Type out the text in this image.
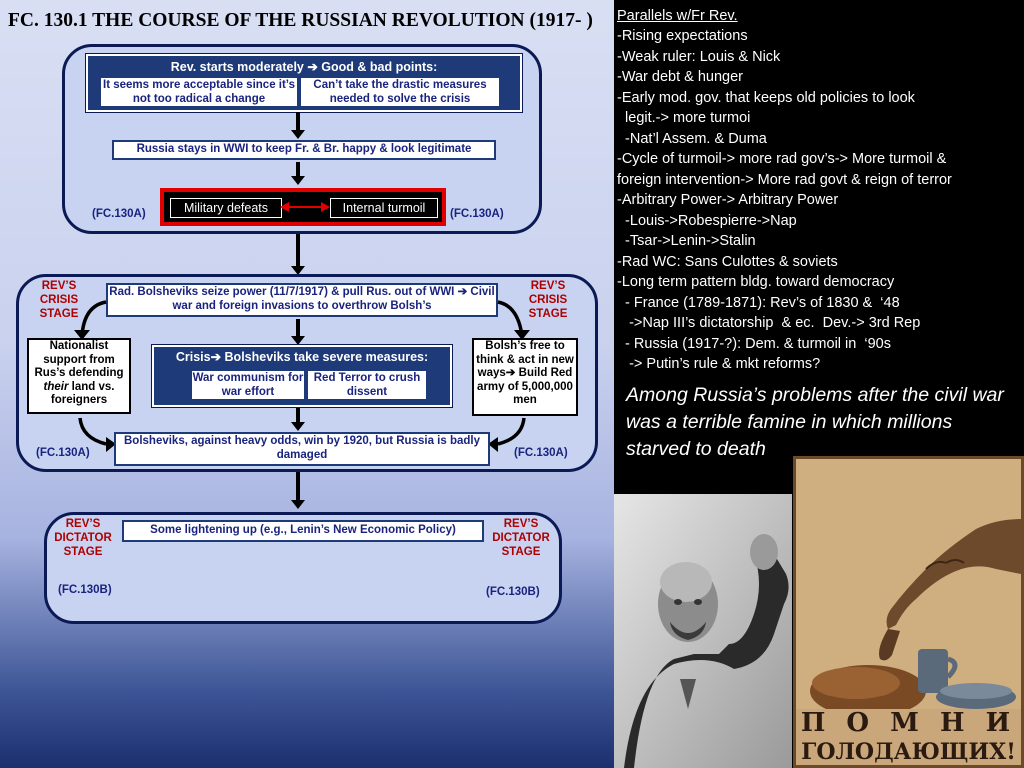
FC. 130.1 THE COURSE OF THE RUSSIAN REVOLUTION (1917- )
Rev. starts moderately ➔ Good & bad points:
It seems more acceptable since it’s not too radical a change
Can’t take the drastic measures needed to solve the crisis
Russia stays in WWI to keep Fr. & Br. happy & look legitimate
Military defeats	Internal turmoil
(FC.130A)	(FC.130A)
REV’S CRISIS STAGE
REV’S CRISIS STAGE
Rad. Bolsheviks seize power (11/7/1917) & pull Rus. out of WWI ➔ Civil war and foreign invasions to overthrow Bolsh’s
Nationalist support from Rus’s defending their land vs. foreigners
Crisis➔ Bolsheviks take severe measures:
War communism for war effort
Red Terror to crush dissent
Bolsh’s free to think & act in new ways➔ Build Red army of 5,000,000 men
Bolsheviks, against heavy odds, win by 1920, but Russia is badly damaged
(FC.130A)	(FC.130A)
REV’S DICTATOR STAGE
REV’S DICTATOR STAGE
Some lightening up (e.g., Lenin’s New Economic Policy)
(FC.130B)	(FC.130B)
Parallels w/Fr Rev.
-Rising expectations
-Weak ruler: Louis & Nick
-War debt & hunger
-Early mod. gov. that keeps old policies to look
legit.-> more turmoi
-Nat’l Assem. & Duma
-Cycle of turmoil-> more rad gov’s-> More turmoil &
foreign intervention-> More rad govt & reign of terror
-Arbitrary Power-> Arbitrary Power
-Louis->Robespierre->Nap
-Tsar->Lenin->Stalin
-Rad WC: Sans Culottes & soviets
-Long term pattern bldg. toward democracy
- France (1789-1871): Rev’s of 1830 &  ‘48
->Nap III’s dictatorship  & ec.  Dev.-> 3rd Rep
- Russia (1917-?): Dem. & turmoil in  ‘90s
-> Putin’s rule & mkt reforms?
Among Russia’s problems after the civil war was a terrible famine in which millions starved to death
П О М Н И
ГОЛОДАЮЩИХ!
